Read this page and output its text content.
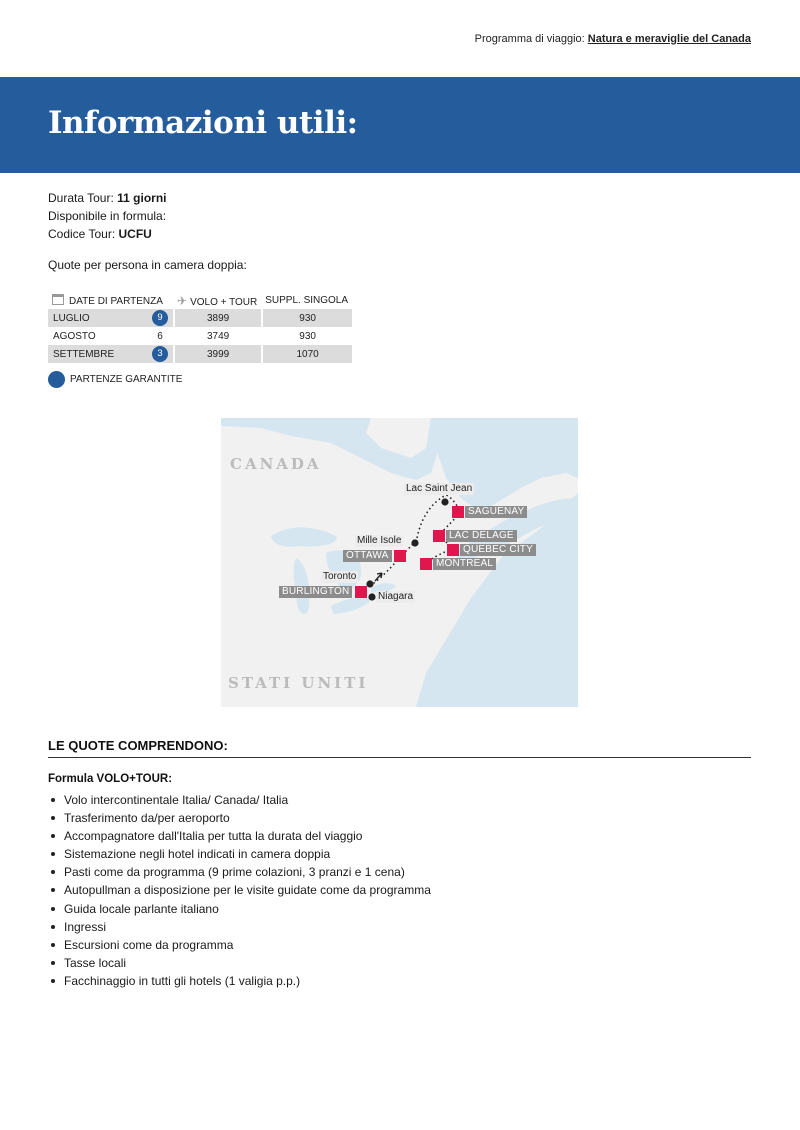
Programma di viaggio: Natura e meraviglie del Canada
Informazioni utili:
Durata Tour: 11 giorni
Disponibile in formula:
Codice Tour: UCFU
Quote per persona in camera doppia:
DATE DI PARTENZA	✈ VOLO + TOUR	SUPPL. SINGOLA

LUGLIO 9	3899	930

AGOSTO 6	3749	930

SETTEMBRE 3	3999	1070
PARTENZE GARANTITE
CANADA
STATI UNITI
Lac Saint Jean
Mille Isole
Toronto
Niagara
SAGUENAY
LAC DELAGE
QUEBEC CITY
OTTAWA
MONTREAL
BURLINGTON
LE QUOTE COMPRENDONO:
Formula VOLO+TOUR:
Volo intercontinentale Italia/ Canada/ Italia
Trasferimento da/per aeroporto
Accompagnatore dall'Italia per tutta la durata del viaggio
Sistemazione negli hotel indicati in camera doppia
Pasti come da programma (9 prime colazioni, 3 pranzi e 1 cena)
Autopullman a disposizione per le visite guidate come da programma
Guida locale parlante italiano
Ingressi
Escursioni come da programma
Tasse locali
Facchinaggio in tutti gli hotels (1 valigia p.p.)
